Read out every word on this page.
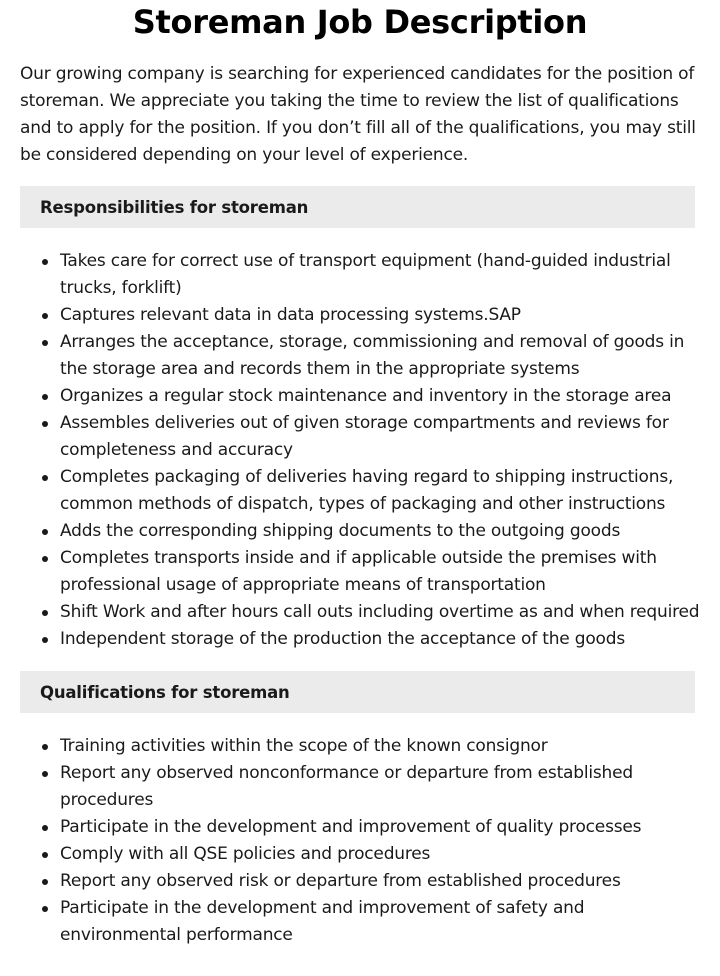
Storeman Job Description

Our growing company is searching for experienced candidates for the position of storeman. We appreciate you taking the time to review the list of qualifications and to apply for the position. If you don’t fill all of the qualifications, you may still be considered depending on your level of experience.

Responsibilities for storeman
Takes care for correct use of transport equipment (hand-guided industrial trucks, forklift)
Captures relevant data in data processing systems.SAP
Arranges the acceptance, storage, commissioning and removal of goods in the storage area and records them in the appropriate systems
Organizes a regular stock maintenance and inventory in the storage area
Assembles deliveries out of given storage compartments and reviews for completeness and accuracy
Completes packaging of deliveries having regard to shipping instructions, common methods of dispatch, types of packaging and other instructions
Adds the corresponding shipping documents to the outgoing goods
Completes transports inside and if applicable outside the premises with professional usage of appropriate means of transportation
Shift Work and after hours call outs including overtime as and when required
Independent storage of the production the acceptance of the goods
Qualifications for storeman
Training activities within the scope of the known consignor
Report any observed nonconformance or departure from established procedures
Participate in the development and improvement of quality processes
Comply with all QSE policies and procedures
Report any observed risk or departure from established procedures
Participate in the development and improvement of safety and environmental performance
